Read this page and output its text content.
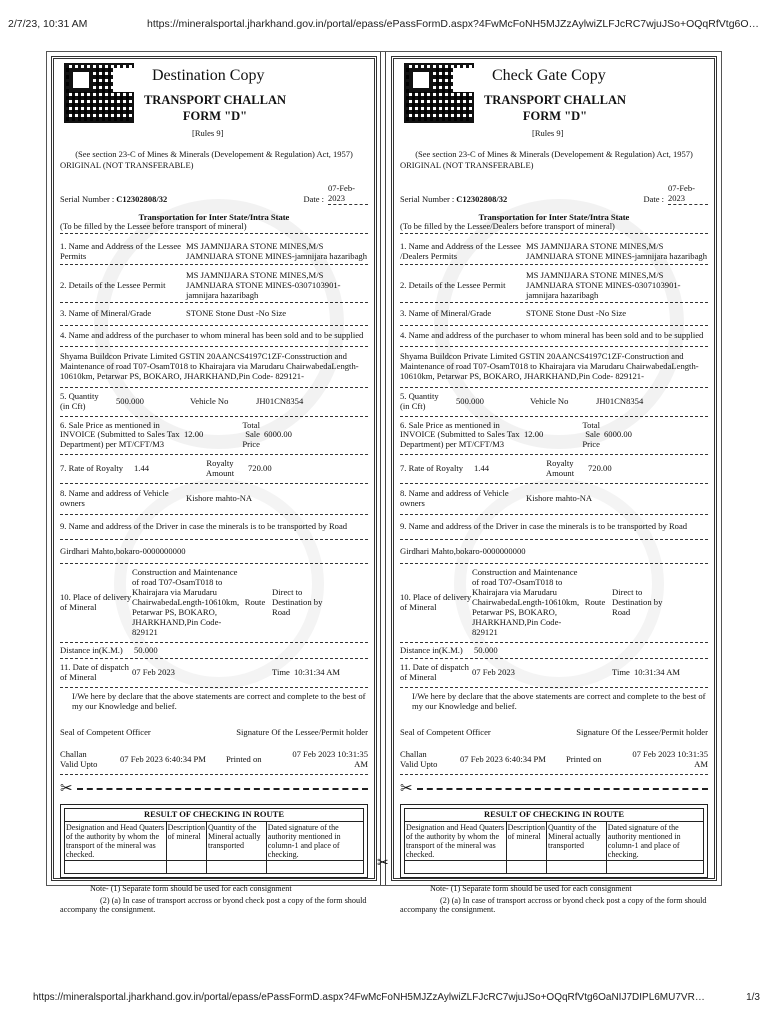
2/7/23, 10:31 AM	https://mineralsportal.jharkhand.gov.in/portal/epass/ePassFormD.aspx?4FwMcFoNH5MJZzAylwiZLFJcRC7wjuJSo+OQqRfVtg6O…
✂
Destination Copy
TRANSPORT CHALLAN
FORM "D"
[Rules 9]
(See section 23-C of Mines & Minerals (Developement & Regulation) Act, 1957)
ORIGINAL (NOT TRANSFERABLE)
Serial Number : C12302808/32	Date :
07-Feb-2023
Transportation for Inter State/Intra State
(To be filled by the Lessee before transport of mineral)
1. Name and Address of the Lessee Permits
MS JAMNIJARA STONE MINES,M/S JAMNIJARA STONE MINES-jamnijara hazaribagh
2. Details of the Lessee Permit
MS JAMNIJARA STONE MINES,M/S JAMNIJARA STONE MINES-0307103901-jamnijara hazaribagh
3. Name of Mineral/Grade	STONE Stone Dust -No Size
4. Name and address of the purchaser to whom mineral has been sold and to be supplied
Shyama Buildcon Private Limited GSTIN 20AANCS4197C1ZF-Consstruction and Maintenance of road T07-OsamT018 to Khairajara via Marudaru ChairwabedaLength-10610km, Petarwar PS, BOKARO, JHARKHAND,Pin Code- 829121-
5. Quantity (in Cft)	500.000	Vehicle No	JH01CN8354
6. Sale Price as mentioned in INVOICE (Submitted to Sales Tax Department) per MT/CFT/M3
12.00
Total Sale Price
6000.00
7. Rate of Royalty	1.44	Royalty Amount	720.00
8. Name and address of Vehicle owners	Kishore mahto-NA
9. Name and address of the Driver in case the minerals is to be transported by Road
Girdhari Mahto,bokaro-0000000000
10. Place of delivery of Mineral
Construction and Maintenance of road T07-OsamT018 to Khairajara via Marudaru ChairwabedaLength-10610km, Petarwar PS, BOKARO, JHARKHAND,Pin Code- 829121
Route
Direct to Destination by Road
Distance in(K.M.)	50.000
11. Date of dispatch of Mineral	07 Feb 2023	Time 10:31:34 AM
I/We here by declare that the above statements are correct and complete to the best of my our Knowledge and belief.
Seal of Competent Officer	Signature Of the Lessee/Permit holder
Challan Valid Upto	07 Feb 2023 6:40:34 PM	Printed on	07 Feb 2023 10:31:35 AM
✂
RESULT OF CHECKING IN ROUTE			
Designation and Head Quaters of the authority by whom the transport of the mineral was checked.	Description of mineral	Quantity of the Mineral actually transported	Dated signature of the authority mentioned in column-1 and place of checking.

Note- (1) Separate form should be used for each consignment
(2) (a) In case of transport accross or byond check post a copy of the form should accompany the consignment.
Check Gate Copy
TRANSPORT CHALLAN
FORM "D"
[Rules 9]
(See section 23-C of Mines & Minerals (Developement & Regulation) Act, 1957)
ORIGINAL (NOT TRANSFERABLE)
Serial Number : C12302808/32	Date :
07-Feb-2023
Transportation for Inter State/Intra State
(To be filled by the Lessee/Dealers before transport of mineral)
1. Name and Address of the Lessee /Dealers Permits
MS JAMNIJARA STONE MINES,M/S JAMNIJARA STONE MINES-jamnijara hazaribagh
2. Details of the Lessee Permit
MS JAMNIJARA STONE MINES,M/S JAMNIJARA STONE MINES-0307103901-jamnijara hazaribagh
3. Name of Mineral/Grade	STONE Stone Dust -No Size
4. Name and address of the purchaser to whom mineral has been sold and to be supplied
Shyama Buildcon Private Limited GSTIN 20AANCS4197C1ZF-Construction and Maintenance of road T07-OsamT018 to Khairajara via Marudaru ChairwabedaLength-10610km, Petarwar PS, BOKARO, JHARKHAND,Pin Code- 829121-
5. Quantity (in Cft)	500.000	Vehicle No	JH01CN8354
6. Sale Price as mentioned in INVOICE (Submitted to Sales Tax Department) per MT/CFT/M3
12.00
Total Sale Price
6000.00
7. Rate of Royalty	1.44	Royalty Amount	720.00
8. Name and address of Vehicle owners	Kishore mahto-NA
9. Name and address of the Driver in case the minerals is to be transported by Road
Girdhari Mahto,bokaro-0000000000
10. Place of delivery of Mineral
Construction and Maintenance of road T07-OsamT018 to Khairajara via Marudaru ChairwabedaLength-10610km, Petarwar PS, BOKARO, JHARKHAND,Pin Code- 829121
Route
Direct to Destination by Road
Distance in(K.M.)	50.000
11. Date of dispatch of Mineral	07 Feb 2023	Time 10:31:34 AM
I/We here by declare that the above statements are correct and complete to the best of my our Knowledge and belief.
Seal of Competent Officer	Signature Of the Lessee/Permit holder
Challan Valid Upto	07 Feb 2023 6:40:34 PM	Printed on	07 Feb 2023 10:31:35 AM
✂
RESULT OF CHECKING IN ROUTE			
Designation and Head Quaters of the authority by whom the transport of the mineral was checked.	Description of mineral	Quantity of the Mineral actually transported	Dated signature of the authority mentioned in column-1 and place of checking.

Note- (1) Separate form should be used for each consignment
(2) (a) In case of transport accross or byond check post a copy of the form should accompany the consignment.
https://mineralsportal.jharkhand.gov.in/portal/epass/ePassFormD.aspx?4FwMcFoNH5MJZzAylwiZLFJcRC7wjuJSo+OQqRfVtg6OaNIJ7DIPL6MU7VR…	1/3
